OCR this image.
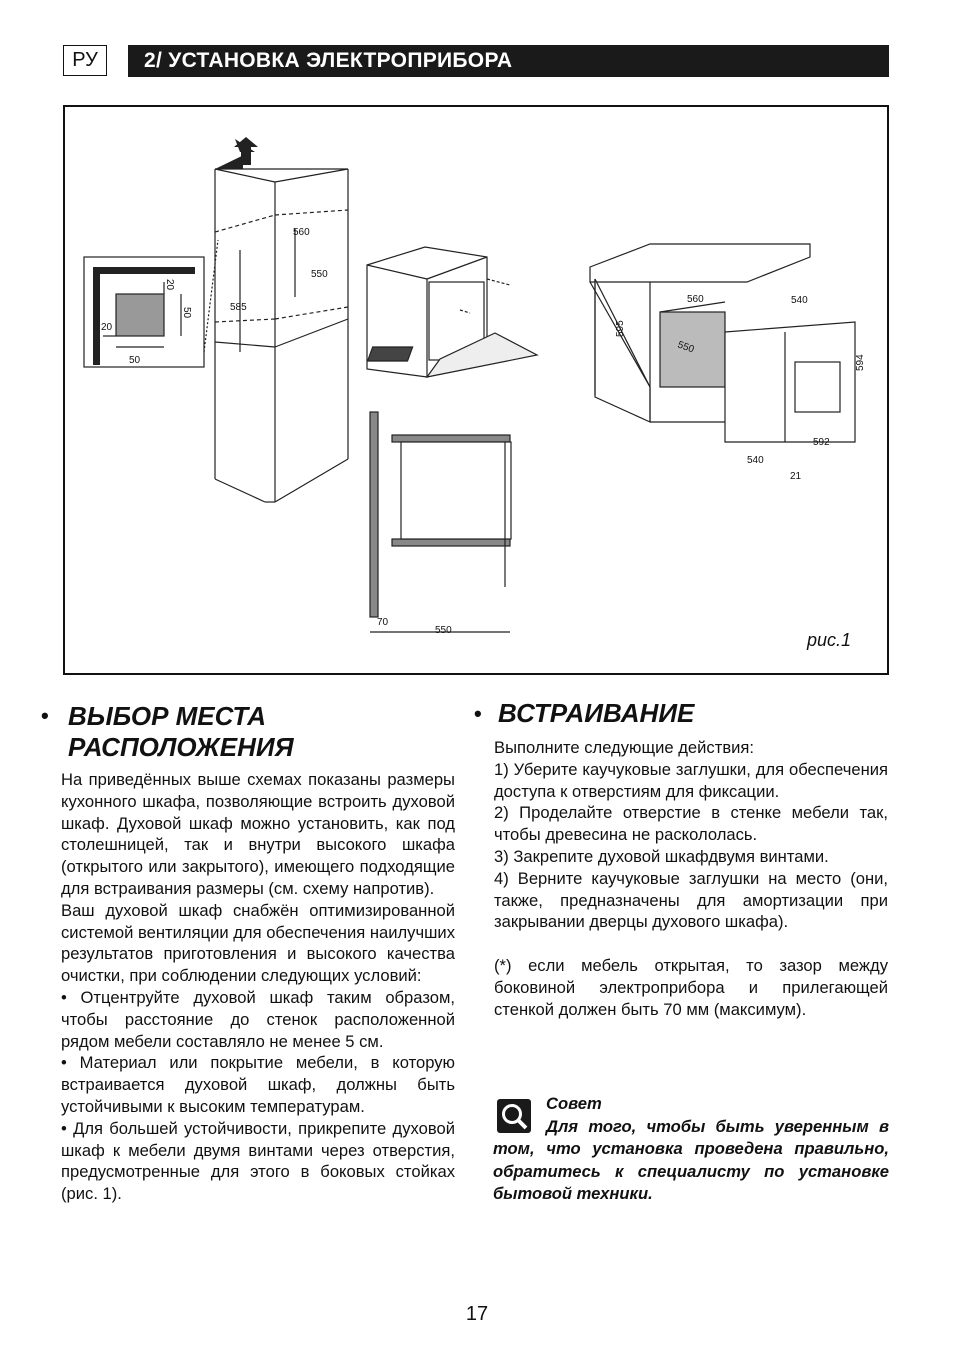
РУ	2/ УСТАНОВКА ЭЛЕКТРОПРИБОРА
50
20
20
50
560
550
585
70
550
595
560
550
540
594
592
540
21
рис.1
• ВЫБОР МЕСТА
РАСПОЛОЖЕНИЯ

На приведённых выше схемах показаны размеры кухонного шкафа, позволяющие встроить духовой шкаф. Духовой шкаф можно установить, как под столешницей, так и внутри высокого шкафа (открытого или закрытого), имеющего подходящие для встраивания размеры (см. схему напротив).

Ваш духовой шкаф снабжён оптимизированной системой вентиляции для обеспечения наилучших результатов приготовления и высокого качества очистки, при соблюдении следующих условий:

• Отцентруйте духовой шкаф таким образом, чтобы расстояние до стенок расположенной рядом мебели составляло не менее 5 см.

• Материал или покрытие мебели, в которую встраивается духовой шкаф, должны быть устойчивыми к высоким температурам.

• Для большей устойчивости, прикрепите духовой шкаф к мебели двумя винтами через отверстия, предусмотренные для этого в боковых стойках (рис. 1).

• ВСТРАИВАНИЕ

Выполните следующие действия:

1) Уберите каучуковые заглушки, для обеспечения доступа к отверстиям для фиксации.

2) Проделайте отверстие в стенке мебели так, чтобы древесина не раскололась.

3) Закрепите духовой шкафдвумя винтами.

4) Верните каучуковые заглушки на место (они, также, предназначены для амортизации при закрывании дверцы духового шкафа).

(*) если мебель открытая, то зазор между боковиной электроприбора и прилегающей стенкой должен быть 70 мм (максимум).

Совет
Для того, чтобы быть уверенным в том, что установка проведена правильно, обратитесь к специалисту по установке бытовой техники.
17
